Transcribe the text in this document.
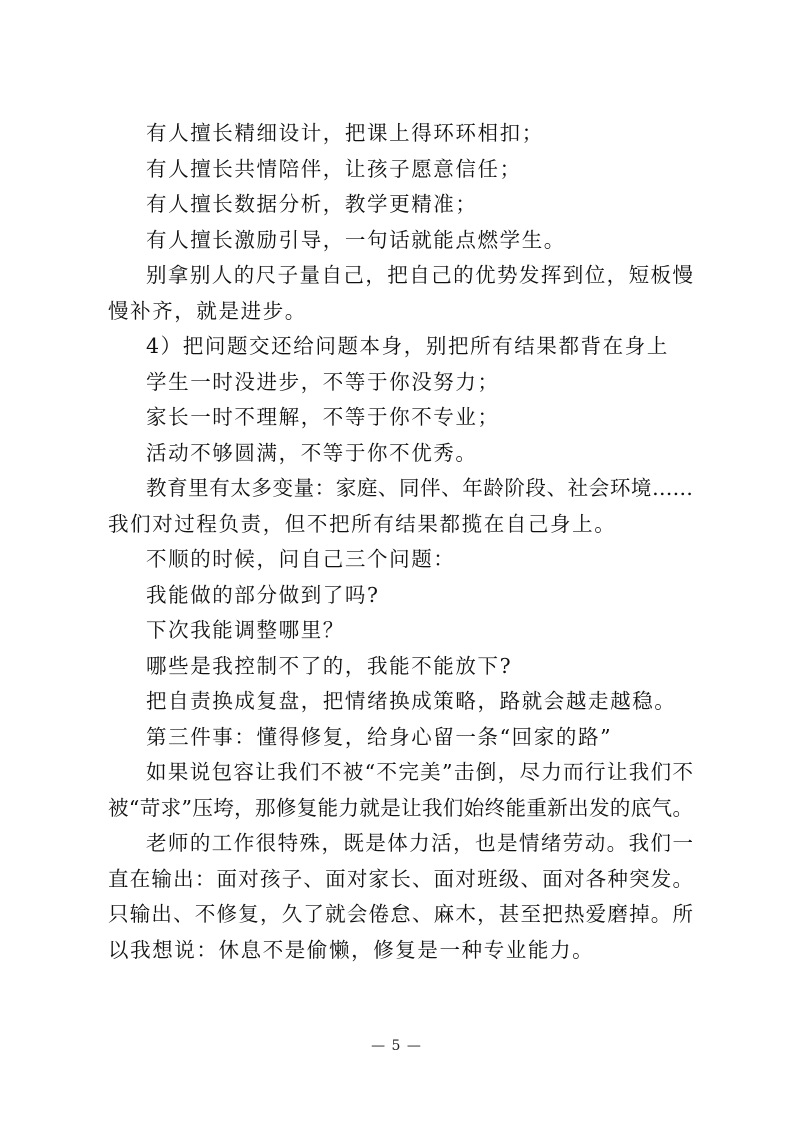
有人擅长精细设计，把课上得环环相扣；
有人擅长共情陪伴，让孩子愿意信任；
有人擅长数据分析，教学更精准；
有人擅长激励引导，一句话就能点燃学生。
别拿别人的尺子量自己，把自己的优势发挥到位，短板慢
慢补齐，就是进步。
4）把问题交还给问题本身，别把所有结果都背在身上
学生一时没进步，不等于你没努力；
家长一时不理解，不等于你不专业；
活动不够圆满，不等于你不优秀。
教育里有太多变量：家庭、同伴、年龄阶段、社会环境……
我们对过程负责，但不把所有结果都揽在自己身上。
不顺的时候，问自己三个问题：
我能做的部分做到了吗?
下次我能调整哪里？
哪些是我控制不了的，我能不能放下?
把自责换成复盘，把情绪换成策略，路就会越走越稳。
第三件事：懂得修复，给身心留一条“回家的路”
如果说包容让我们不被“不完美”击倒，尽力而行让我们不
被“苛求”压垮，那修复能力就是让我们始终能重新出发的底气。
老师的工作很特殊，既是体力活，也是情绪劳动。我们一
直在输出：面对孩子、面对家长、面对班级、面对各种突发。
只输出、不修复，久了就会倦怠、麻木，甚至把热爱磨掉。所
以我想说：休息不是偷懒，修复是一种专业能力。
— 5 —
